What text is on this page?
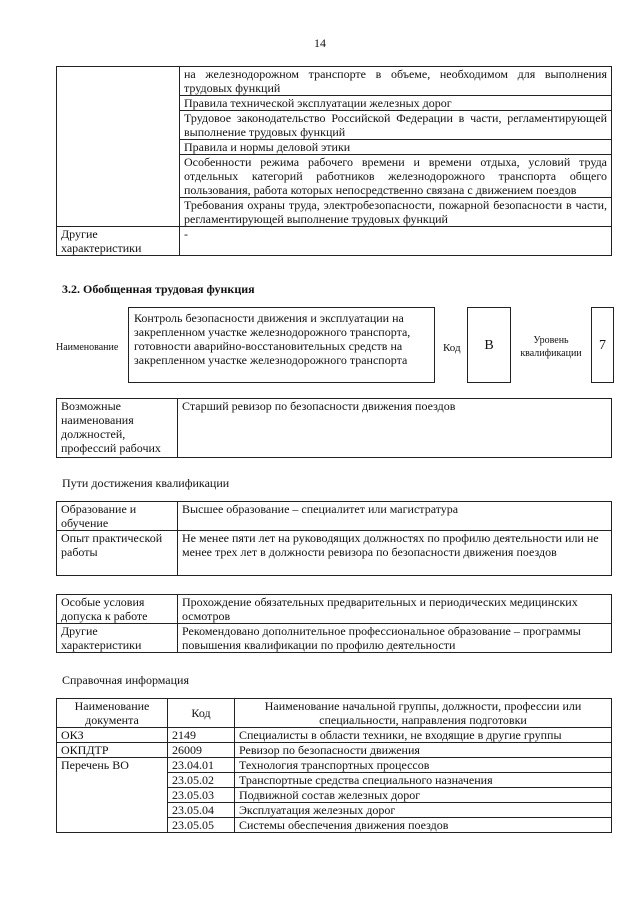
14
	на железнодорожном транспорте в объеме, необходимом для выполнения трудовых функций
	Правила технической эксплуатации железных дорог
	Трудовое законодательство Российской Федерации в части, регламентирующей выполнение трудовых функций
	Правила и нормы деловой этики
	Особенности режима рабочего времени и времени отдыха, условий труда отдельных категорий работников железнодорожного транспорта общего пользования, работа которых непосредственно связана с движением поездов
	Требования охраны труда, электробезопасности, пожарной безопасности в части, регламентирующей выполнение трудовых функций
Другие характеристики	-
3.2. Обобщенная трудовая функция
Наименование
Контроль безопасности движения и эксплуатации на закрепленном участке железнодорожного транспорта, готовности аварийно-восстановительных средств на закрепленном участке железнодорожного транспорта
Код	B	Уровень квалификации
7
Возможные наименования должностей, профессий рабочих	Старший ревизор по безопасности движения поездов
Пути достижения квалификации
Образование и обучение	Высшее образование – специалитет или магистратура
Опыт практической работы	Не менее пяти лет на руководящих должностях по профилю деятельности или не менее трех лет в должности ревизора по безопасности движения поездов
Особые условия допуска к работе	Прохождение обязательных предварительных и периодических медицинских осмотров
Другие характеристики	Рекомендовано дополнительное профессиональное образование – программы повышения квалификации по профилю деятельности
Справочная информация
Наименование документа	Код	Наименование начальной группы, должности, профессии или специальности, направления подготовки
ОКЗ	2149	Специалисты в области техники, не входящие в другие группы
ОКПДТР	26009	Ревизор по безопасности движения
Перечень ВО	23.04.01	Технология транспортных процессов
	23.05.02	Транспортные средства специального назначения
	23.05.03	Подвижной состав железных дорог
	23.05.04	Эксплуатация железных дорог
	23.05.05	Системы обеспечения движения поездов
